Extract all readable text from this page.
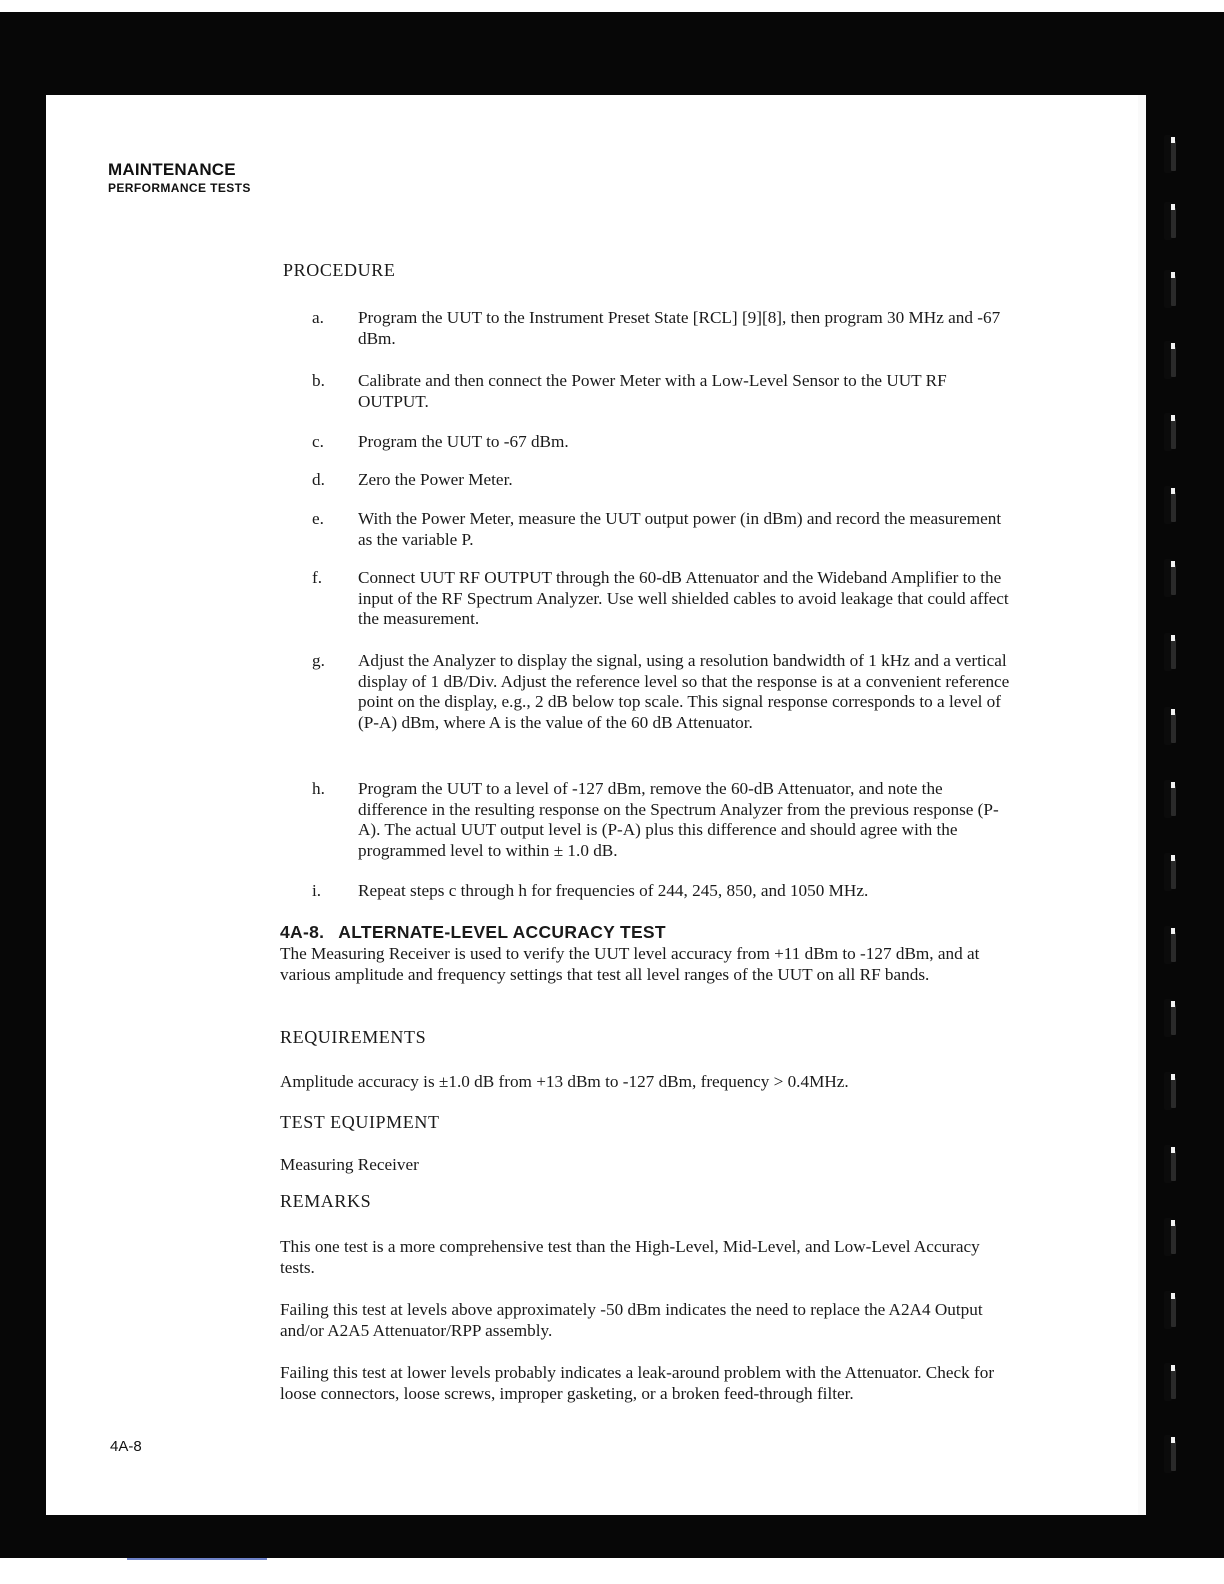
MAINTENANCE
PERFORMANCE TESTS
PROCEDURE
a. Program the UUT to the Instrument Preset State [RCL] [9][8], then program 30 MHz and -67 dBm.
b. Calibrate and then connect the Power Meter with a Low-Level Sensor to the UUT RF OUTPUT.
c. Program the UUT to -67 dBm.
d. Zero the Power Meter.
e. With the Power Meter, measure the UUT output power (in dBm) and record the measurement as the variable P.
f. Connect UUT RF OUTPUT through the 60-dB Attenuator and the Wideband Amplifier to the input of the RF Spectrum Analyzer. Use well shielded cables to avoid leakage that could affect the measurement.
g. Adjust the Analyzer to display the signal, using a resolution bandwidth of 1 kHz and a vertical display of 1 dB/Div. Adjust the reference level so that the response is at a convenient reference point on the display, e.g., 2 dB below top scale. This signal response corresponds to a level of (P-A) dBm, where A is the value of the 60 dB Attenuator.
h. Program the UUT to a level of -127 dBm, remove the 60-dB Attenuator, and note the difference in the resulting response on the Spectrum Analyzer from the previous response (P-A). The actual UUT output level is (P-A) plus this difference and should agree with the programmed level to within ± 1.0 dB.
i. Repeat steps c through h for frequencies of 244, 245, 850, and 1050 MHz.
4A-8. ALTERNATE-LEVEL ACCURACY TEST
The Measuring Receiver is used to verify the UUT level accuracy from +11 dBm to -127 dBm, and at various amplitude and frequency settings that test all level ranges of the UUT on all RF bands.
REQUIREMENTS
Amplitude accuracy is ±1.0 dB from +13 dBm to -127 dBm, frequency > 0.4MHz.
TEST EQUIPMENT
Measuring Receiver
REMARKS
This one test is a more comprehensive test than the High-Level, Mid-Level, and Low-Level Accuracy tests.
Failing this test at levels above approximately -50 dBm indicates the need to replace the A2A4 Output and/or A2A5 Attenuator/RPP assembly.
Failing this test at lower levels probably indicates a leak-around problem with the Attenuator. Check for loose connectors, loose screws, improper gasketing, or a broken feed-through filter.
4A-8
